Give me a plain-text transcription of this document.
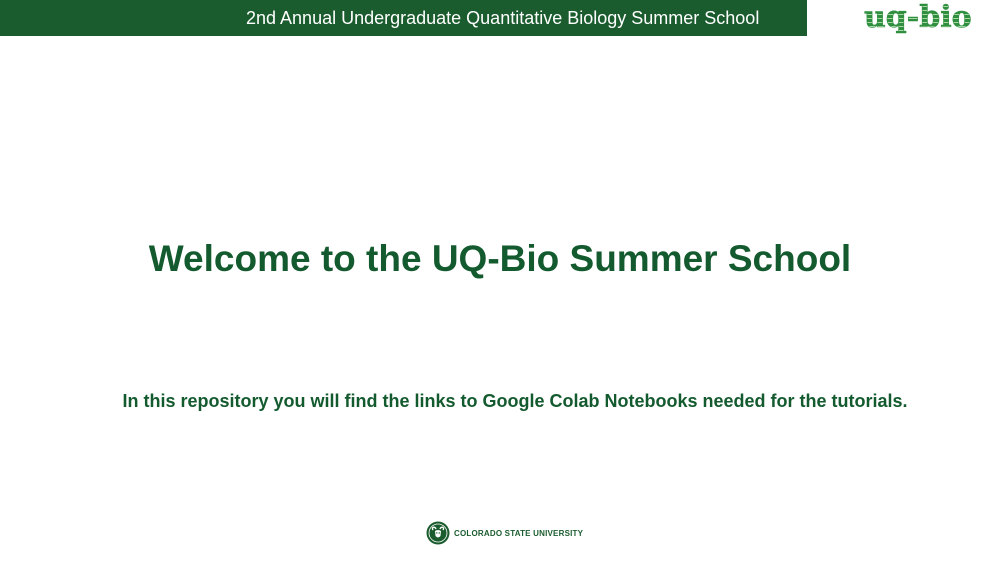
2nd Annual Undergraduate Quantitative Biology Summer School	uq-bio
Welcome to the UQ-Bio Summer School
In this repository you will find the links to Google Colab Notebooks needed for the tutorials.
COLORADO STATE UNIVERSITY
